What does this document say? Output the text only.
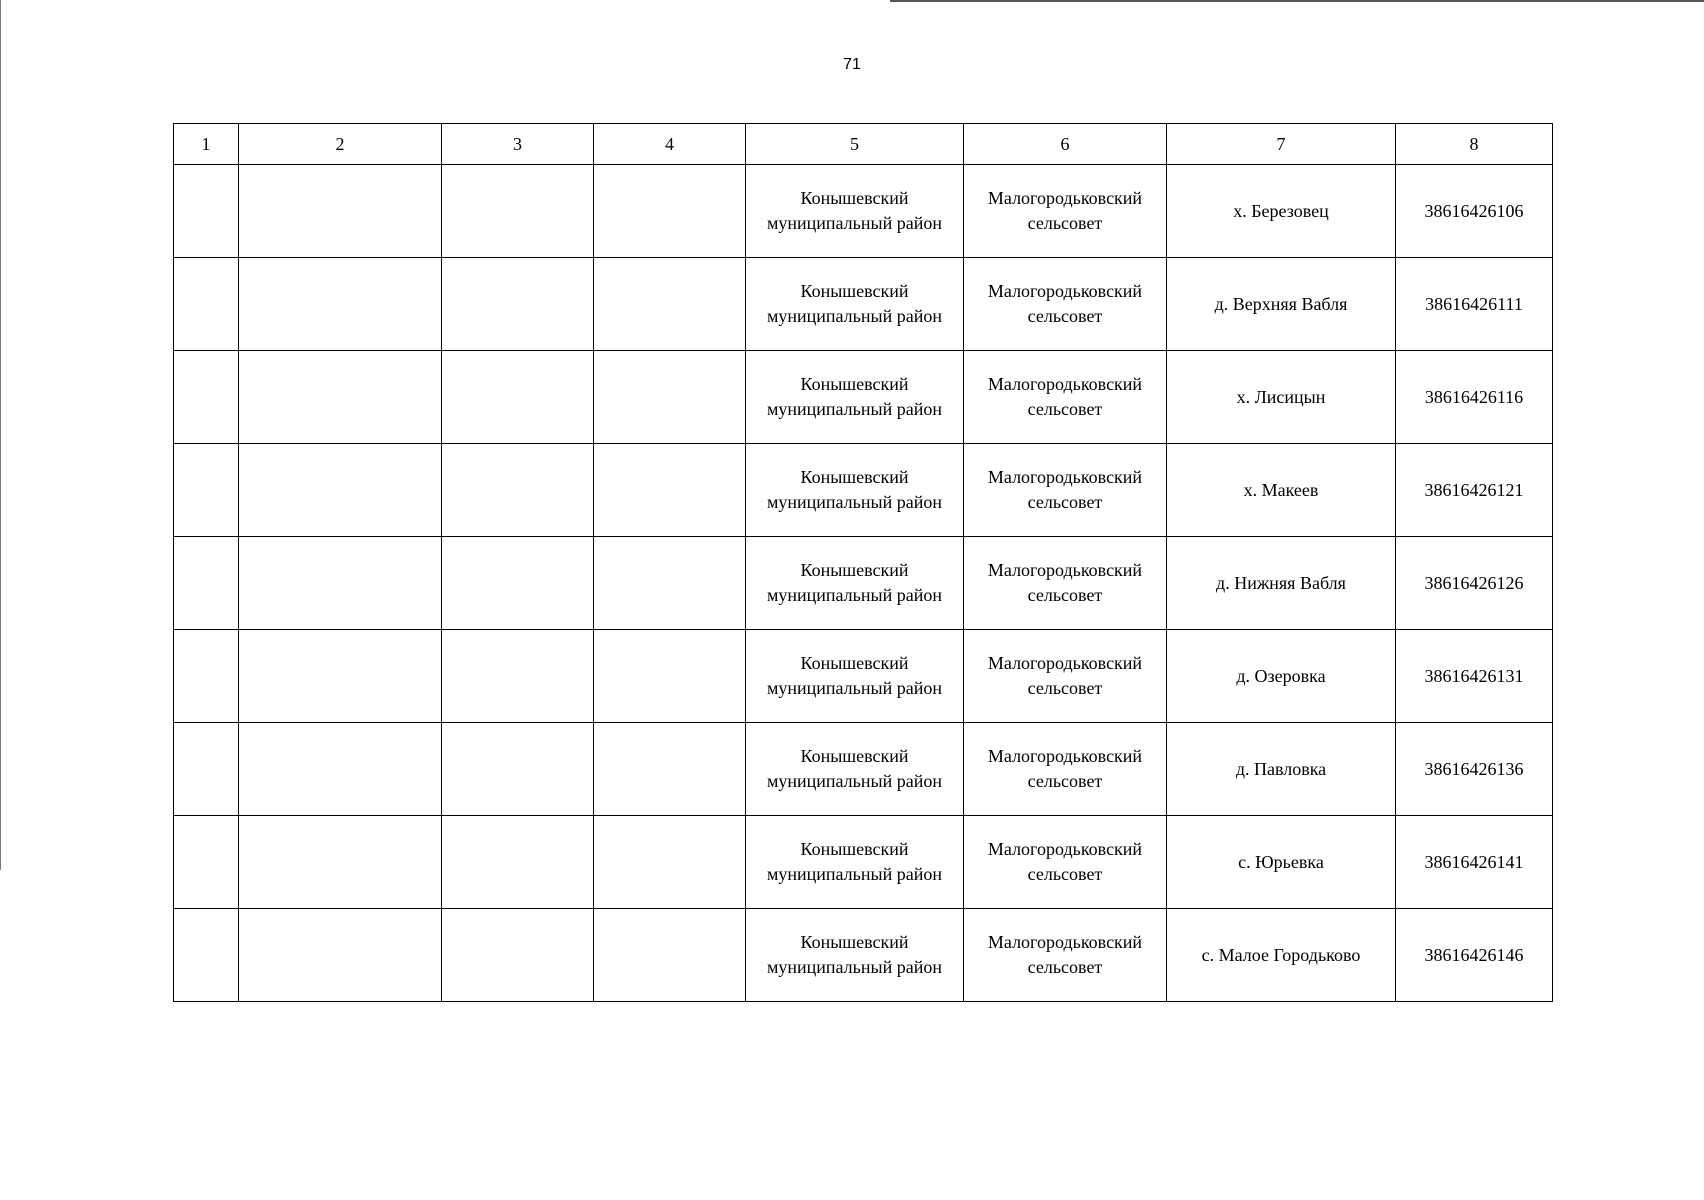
71
1	2	3	4	5	6	7	8
				Конышевский муниципальный район	Малогородьковский сельсовет	х. Березовец	38616426106
				Конышевский муниципальный район	Малогородьковский сельсовет	д. Верхняя Вабля	38616426111
				Конышевский муниципальный район	Малогородьковский сельсовет	х. Лисицын	38616426116
				Конышевский муниципальный район	Малогородьковский сельсовет	х. Макеев	38616426121
				Конышевский муниципальный район	Малогородьковский сельсовет	д. Нижняя Вабля	38616426126
				Конышевский муниципальный район	Малогородьковский сельсовет	д. Озеровка	38616426131
				Конышевский муниципальный район	Малогородьковский сельсовет	д. Павловка	38616426136
				Конышевский муниципальный район	Малогородьковский сельсовет	с. Юрьевка	38616426141
				Конышевский муниципальный район	Малогородьковский сельсовет	с. Малое Городьково	38616426146
